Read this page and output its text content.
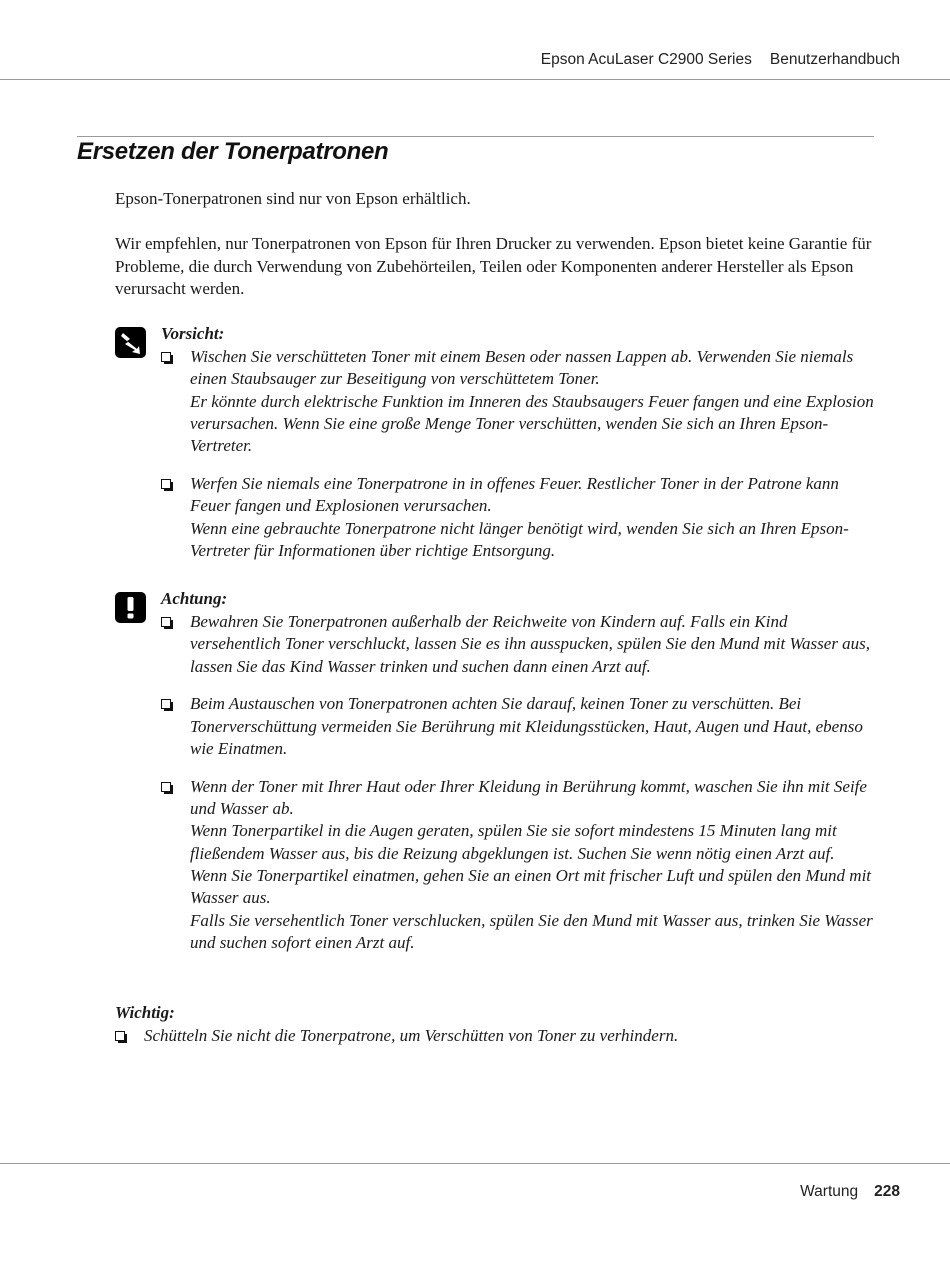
Epson AcuLaser C2900 Series Benutzerhandbuch
Ersetzen der Tonerpatronen

Epson-Tonerpatronen sind nur von Epson erhältlich.

Wir empfehlen, nur Tonerpatronen von Epson für Ihren Drucker zu verwenden. Epson bietet keine Garantie für Probleme, die durch Verwendung von Zubehörteilen, Teilen oder Komponenten anderer Hersteller als Epson verursacht werden.

Vorsicht:

Wischen Sie verschütteten Toner mit einem Besen oder nassen Lappen ab. Verwenden Sie niemals einen Staubsauger zur Beseitigung von verschüttetem Toner.

Er könnte durch elektrische Funktion im Inneren des Staubsaugers Feuer fangen und eine Explosion verursachen. Wenn Sie eine große Menge Toner verschütten, wenden Sie sich an Ihren Epson-Vertreter.

Werfen Sie niemals eine Tonerpatrone in in offenes Feuer. Restlicher Toner in der Patrone kann Feuer fangen und Explosionen verursachen.

Wenn eine gebrauchte Tonerpatrone nicht länger benötigt wird, wenden Sie sich an Ihren Epson-Vertreter für Informationen über richtige Entsorgung.

Achtung:

Bewahren Sie Tonerpatronen außerhalb der Reichweite von Kindern auf. Falls ein Kind versehentlich Toner verschluckt, lassen Sie es ihn ausspucken, spülen Sie den Mund mit Wasser aus, lassen Sie das Kind Wasser trinken und suchen dann einen Arzt auf.

Beim Austauschen von Tonerpatronen achten Sie darauf, keinen Toner zu verschütten. Bei Tonerverschüttung vermeiden Sie Berührung mit Kleidungsstücken, Haut, Augen und Haut, ebenso wie Einatmen.

Wenn der Toner mit Ihrer Haut oder Ihrer Kleidung in Berührung kommt, waschen Sie ihn mit Seife und Wasser ab.

Wenn Tonerpartikel in die Augen geraten, spülen Sie sie sofort mindestens 15 Minuten lang mit fließendem Wasser aus, bis die Reizung abgeklungen ist. Suchen Sie wenn nötig einen Arzt auf.

Wenn Sie Tonerpartikel einatmen, gehen Sie an einen Ort mit frischer Luft und spülen den Mund mit Wasser aus.

Falls Sie versehentlich Toner verschlucken, spülen Sie den Mund mit Wasser aus, trinken Sie Wasser und suchen sofort einen Arzt auf.

Wichtig:

Schütteln Sie nicht die Tonerpatrone, um Verschütten von Toner zu verhindern.

Wartung 228
